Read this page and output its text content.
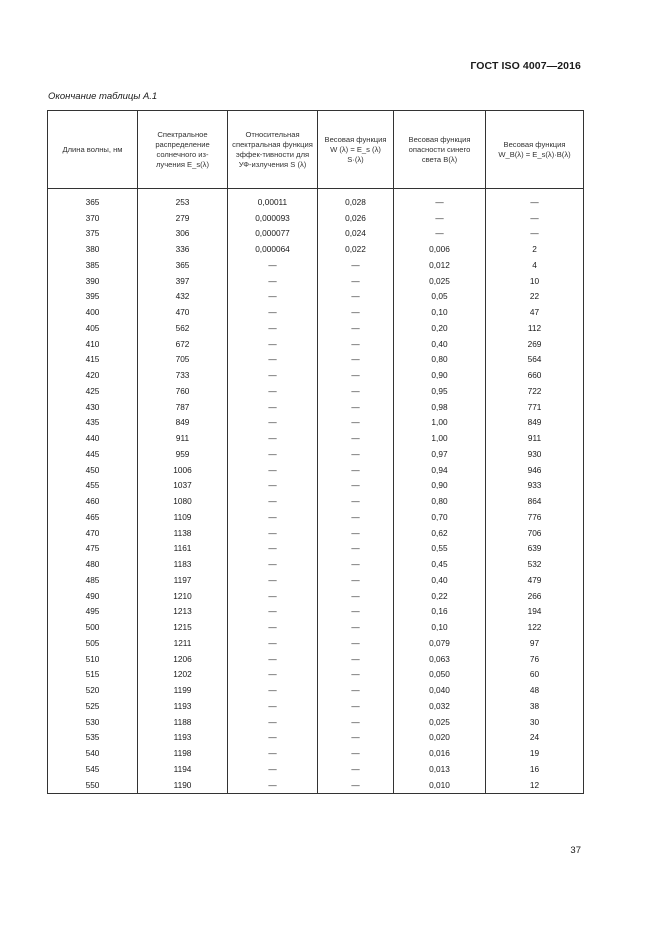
ГОСТ ISO 4007—2016
Окончание таблицы А.1
Длина волны, нм	Спектральное распределение солнечного из-лучения E_s(λ)	Относительная спектральная функция эффек-тивности для УФ-излучения S (λ)	Весовая функция W (λ) = E_s (λ) S·(λ)	Весовая функция опасности синего света B(λ)	Весовая функция W_B(λ) = E_s(λ)·B(λ)

365	253	0,00011	0,028	—	—
370	279	0,000093	0,026	—	—
375	306	0,000077	0,024	—	—
380	336	0,000064	0,022	0,006	2
385	365	—	—	0,012	4
390	397	—	—	0,025	10
395	432	—	—	0,05	22
400	470	—	—	0,10	47
405	562	—	—	0,20	112
410	672	—	—	0,40	269
415	705	—	—	0,80	564
420	733	—	—	0,90	660
425	760	—	—	0,95	722
430	787	—	—	0,98	771
435	849	—	—	1,00	849
440	911	—	—	1,00	911
445	959	—	—	0,97	930
450	1006	—	—	0,94	946
455	1037	—	—	0,90	933
460	1080	—	—	0,80	864
465	1109	—	—	0,70	776
470	1138	—	—	0,62	706
475	1161	—	—	0,55	639
480	1183	—	—	0,45	532
485	1197	—	—	0,40	479
490	1210	—	—	0,22	266
495	1213	—	—	0,16	194
500	1215	—	—	0,10	122
505	1211	—	—	0,079	97
510	1206	—	—	0,063	76
515	1202	—	—	0,050	60
520	1199	—	—	0,040	48
525	1193	—	—	0,032	38
530	1188	—	—	0,025	30
535	1193	—	—	0,020	24
540	1198	—	—	0,016	19
545	1194	—	—	0,013	16
550	1190	—	—	0,010	12
37
